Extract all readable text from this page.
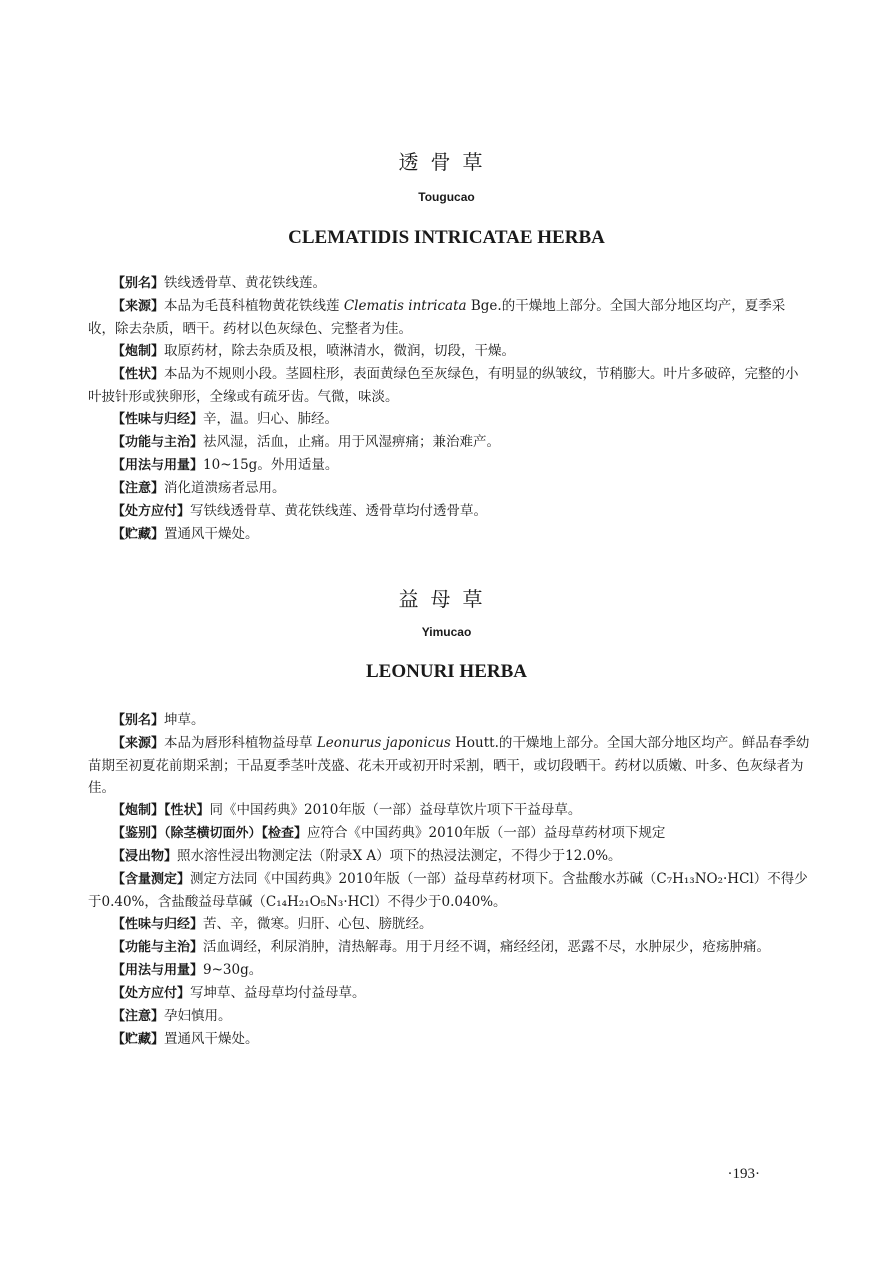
透骨草
Tougucao
CLEMATIDIS INTRICATAE HERBA

【别名】铁线透骨草、黄花铁线莲。

【来源】本品为毛茛科植物黄花铁线莲 Clematis intricata Bge.的干燥地上部分。全国大部分地区均产，夏季采收，除去杂质，晒干。药材以色灰绿色、完整者为佳。

【炮制】取原药材，除去杂质及根，喷淋清水，微润，切段，干燥。

【性状】本品为不规则小段。茎圆柱形，表面黄绿色至灰绿色，有明显的纵皱纹，节稍膨大。叶片多破碎，完整的小叶披针形或狭卵形，全缘或有疏牙齿。气微，味淡。

【性味与归经】辛，温。归心、肺经。

【功能与主治】祛风湿，活血，止痛。用于风湿痹痛；兼治难产。

【用法与用量】10~15g。外用适量。

【注意】消化道溃疡者忌用。

【处方应付】写铁线透骨草、黄花铁线莲、透骨草均付透骨草。

【贮藏】置通风干燥处。

益母草
Yimucao
LEONURI HERBA

【别名】坤草。

【来源】本品为唇形科植物益母草 Leonurus japonicus Houtt.的干燥地上部分。全国大部分地区均产。鲜品春季幼苗期至初夏花前期采割；干品夏季茎叶茂盛、花未开或初开时采割，晒干，或切段晒干。药材以质嫩、叶多、色灰绿者为佳。

【炮制】【性状】同《中国药典》2010年版（一部）益母草饮片项下干益母草。

【鉴别】（除茎横切面外）【检查】应符合《中国药典》2010年版（一部）益母草药材项下规定

【浸出物】照水溶性浸出物测定法（附录Ⅹ A）项下的热浸法测定，不得少于12.0%。

【含量测定】测定方法同《中国药典》2010年版（一部）益母草药材项下。含盐酸水苏碱（C₇H₁₃NO₂·HCl）不得少于0.40%，含盐酸益母草碱（C₁₄H₂₁O₅N₃·HCl）不得少于0.040%。

【性味与归经】苦、辛，微寒。归肝、心包、膀胱经。

【功能与主治】活血调经，利尿消肿，清热解毒。用于月经不调，痛经经闭，恶露不尽，水肿尿少，疮疡肿痛。

【用法与用量】9~30g。

【处方应付】写坤草、益母草均付益母草。

【注意】孕妇慎用。

【贮藏】置通风干燥处。

·193·
